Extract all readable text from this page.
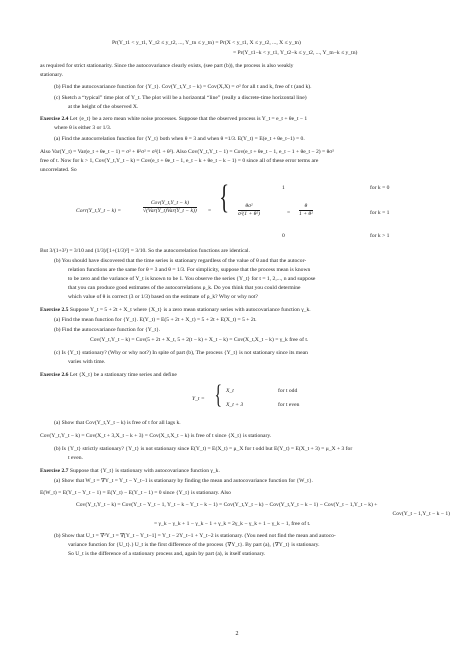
Pr(Y_t1 < y_t1, Y_t2 ≤ y_t2, ..., Y_tn ≤ y_tn) = Pr(X < y_t1, X ≤ y_t2, ..., X ≤ y_tn)
= Pr(Y_t1−k < y_t1, Y_t2−k ≤ y_t2, ..., Y_tn−k ≤ y_tn)
as required for strict stationarity. Since the autocovariance clearly exists, (see part (b)), the process is also weakly
stationary.
(b) Find the autocovariance function for {Y_t}. Cov(Y_t,Y_t − k) = Cov(X,X) = σ² for all t and k, free of t (and k).
(c) Sketch a “typical” time plot of Y_t. The plot will be a horizontal “line” (really a discrete-time horizontal line)
at the height of the observed X.
Exercise 2.4 Let {e_t} be a zero mean white noise processes. Suppose that the observed process is Y_t = e_t + θe_t − 1
where θ is either 3 or 1/3.
(a) Find the autocorrelation function for {Y_t} both when θ = 3 and when θ =1/3. E(Y_t) = E(e_t + θe_t−1) = 0.
Also Var(Y_t) = Var(e_t + θe_t − 1) = σ² + θ²σ² = σ²(1 + θ²). Also Cov(Y_t,Y_t − 1) = Cov(e_t + θe_t − 1, e_t − 1 + θe_t − 2) = θσ²
free of t. Now for k > 1, Cov(Y_t,Y_t − k) = Cov(e_t + θe_t − 1, e_t − k + θe_t − k − 1) = 0 since all of these error terms are
uncorrelated. So
Corr(Y_t,Y_t − k) =
Cov(Y_t,Y_t − k)
√(Var(Y_t)Var(Y_t − k)) = {	1	for k = 0
$\frac{\text{θσ²}}{\text{σ²(1 + θ²)}}$	= $\frac{\theta}{\text{1 + θ²}}$	for k = 1
0	for k > 1
But 3/(1+3²) = 3/10 and (1/3)/[1+(1/3)²] = 3/10. So the autocorrelation functions are identical.
(b) You should have discovered that the time series is stationary regardless of the value of θ and that the autocor-
relation functions are the same for θ = 3 and θ = 1/3. For simplicity, suppose that the process mean is known
to be zero and the variance of Y_t is known to be 1. You observe the series {Y_t} for t = 1, 2,..., n and suppose
that you can produce good estimates of the autocorrelations ρ_k. Do you think that you could determine
which value of θ is correct (3 or 1/3) based on the estimate of ρ_k? Why or why not?
Exercise 2.5 Suppose Y_t = 5 + 2t + X_t where {X_t} is a zero mean stationary series with autocovariance function γ_k.
(a) Find the mean function for {Y_t}. E(Y_t) = E(5 + 2t + X_t) = 5 + 2t + E(X_t) = 5 + 2t.
(b) Find the autocovariance function for {Y_t}.
Cov(Y_t,Y_t − k) = Cov(5 + 2t + X_t, 5 + 2(t − k) + X_t − k) = Cov(X_t,X_t − k) = γ_k free of t.
(c) Is {Y_t} stationary? (Why or why not?) In spite of part (b), The process {Y_t} is not stationary since its mean
varies with time.
Exercise 2.6 Let {X_t} be a stationary time series and define
Y_t = { X_t	for t odd
X_t + 3	for t even
(a) Show that Cov(Y_t,Y_t − k) is free of t for all lags k.
Cov(Y_t,Y_t − k) = Cov(X_t + 3,X_t − k + 3) = Cov(X_t,X_t − k) is free of t since {X_t} is stationary.
(b) Is {Y_t} strictly stationary? {Y_t} is not stationary since E(Y_t) = E(X_t) = μ_X for t odd but E(Y_t) = E(X_t + 3) = μ_X + 3 for
t even.
Exercise 2.7 Suppose that {Y_t} is stationary with autocovariance function γ_k.
(a) Show that W_t = ∇Y_t = Y_t − Y_t−1 is stationary by finding the mean and autocovariance function for {W_t}.
E(W_t) = E(Y_t − Y_t − 1) = E(Y_t) − E(Y_t − 1) = 0 since {Y_t} is stationary. Also
Cov(Y_t,Y_t − k) = Cov(Y_t − Y_t − 1, Y_t − k − Y_t − k − 1) = Cov(Y_t,Y_t − k) − Cov(Y_t,Y_t − k − 1) − Cov(Y_t − 1,Y_t − k) +
Cov(Y_t − 1,Y_t − k − 1)
= γ_k − γ_k + 1 − γ_k − 1 + γ_k = 2γ_k − γ_k + 1 − γ_k − 1, free of t.
(b) Show that U_t = ∇²Y_t = ∇[Y_t − Y_t−1] = Y_t − 2Y_t−1 + Y_t−2 is stationary. (You need not find the mean and autoco-
variance function for {U_t}.) U_t is the first difference of the process {∇Y_t}. By part (a), {∇Y_t} is stationary.
So U_t is the difference of a stationary process and, again by part (a), is itself stationary.
2
